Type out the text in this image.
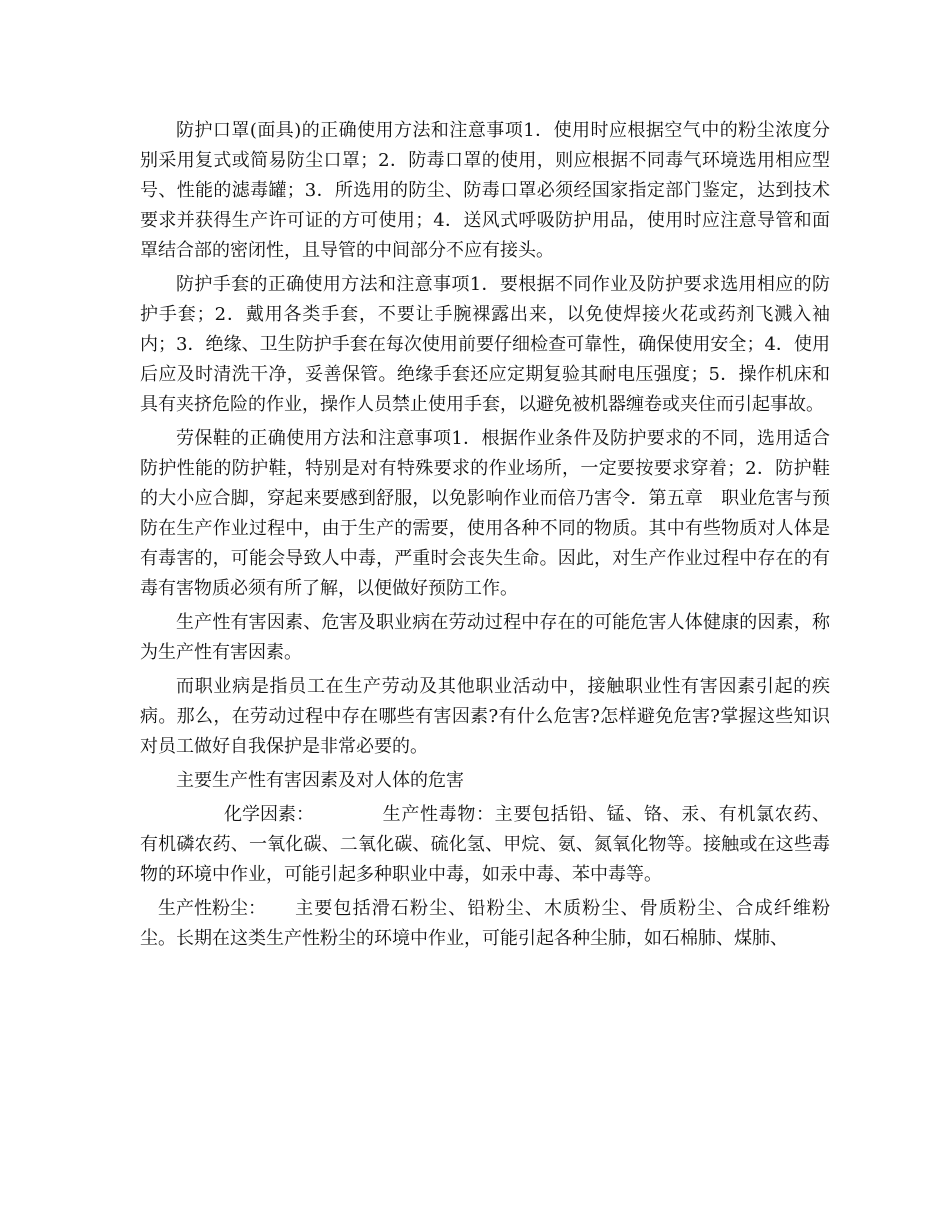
防护口罩(面具)的正确使用方法和注意事项1．使用时应根据空气中的粉尘浓度分别采用复式或简易防尘口罩；2．防毒口罩的使用，则应根据不同毒气环境选用相应型号、性能的滤毒罐；3．所选用的防尘、防毒口罩必须经国家指定部门鉴定，达到技术要求并获得生产许可证的方可使用；4．送风式呼吸防护用品，使用时应注意导管和面罩结合部的密闭性，且导管的中间部分不应有接头。

防护手套的正确使用方法和注意事项1．要根据不同作业及防护要求选用相应的防护手套；2．戴用各类手套，不要让手腕裸露出来，以免使焊接火花或药剂飞溅入袖内；3．绝缘、卫生防护手套在每次使用前要仔细检查可靠性，确保使用安全；4．使用后应及时清洗干净，妥善保管。绝缘手套还应定期复验其耐电压强度；5．操作机床和具有夹挤危险的作业，操作人员禁止使用手套，以避免被机器缠卷或夹住而引起事故。

劳保鞋的正确使用方法和注意事项1．根据作业条件及防护要求的不同，选用适合防护性能的防护鞋，特别是对有特殊要求的作业场所，一定要按要求穿着；2．防护鞋的大小应合脚，穿起来要感到舒服，以免影响作业而倍乃害令．第五章　职业危害与预防在生产作业过程中，由于生产的需要，使用各种不同的物质。其中有些物质对人体是有毒害的，可能会导致人中毒，严重时会丧失生命。因此，对生产作业过程中存在的有毒有害物质必须有所了解，以便做好预防工作。

生产性有害因素、危害及职业病在劳动过程中存在的可能危害人体健康的因素，称为生产性有害因素。

而职业病是指员工在生产劳动及其他职业活动中，接触职业性有害因素引起的疾病。那么，在劳动过程中存在哪些有害因素?有什么危害?怎样避免危害?掌握这些知识对员工做好自我保护是非常必要的。

主要生产性有害因素及对人体的危害

化学因素：	生产性毒物：主要包括铅、锰、铬、汞、有机氯农药、有机磷农药、一氧化碳、二氧化碳、硫化氢、甲烷、氨、氮氧化物等。接触或在这些毒物的环境中作业，可能引起多种职业中毒，如汞中毒、苯中毒等。

生产性粉尘： 主要包括滑石粉尘、铅粉尘、木质粉尘、骨质粉尘、合成纤维粉尘。长期在这类生产性粉尘的环境中作业，可能引起各种尘肺，如石棉肺、煤肺、
